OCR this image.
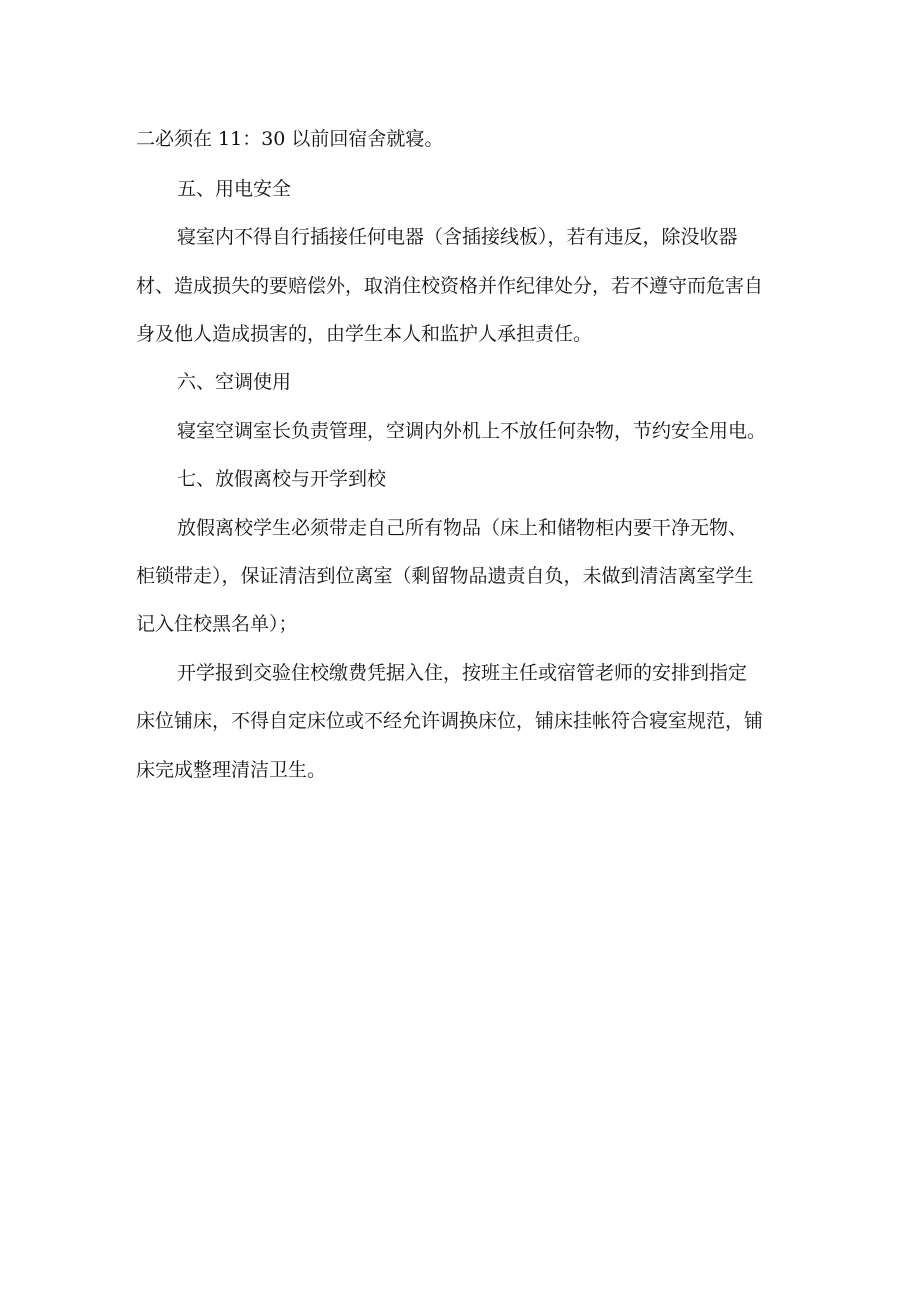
二必须在 11：30 以前回宿舍就寝。
五、用电安全
寝室内不得自行插接任何电器（含插接线板），若有违反，除没收器
材、造成损失的要赔偿外，取消住校资格并作纪律处分，若不遵守而危害自
身及他人造成损害的，由学生本人和监护人承担责任。
六、空调使用
寝室空调室长负责管理，空调内外机上不放任何杂物，节约安全用电。
七、放假离校与开学到校
放假离校学生必须带走自己所有物品（床上和储物柜内要干净无物、
柜锁带走），保证清洁到位离室（剩留物品遗责自负，未做到清洁离室学生
记入住校黑名单）；
开学报到交验住校缴费凭据入住，按班主任或宿管老师的安排到指定
床位铺床，不得自定床位或不经允许调换床位，铺床挂帐符合寝室规范，铺
床完成整理清洁卫生。
